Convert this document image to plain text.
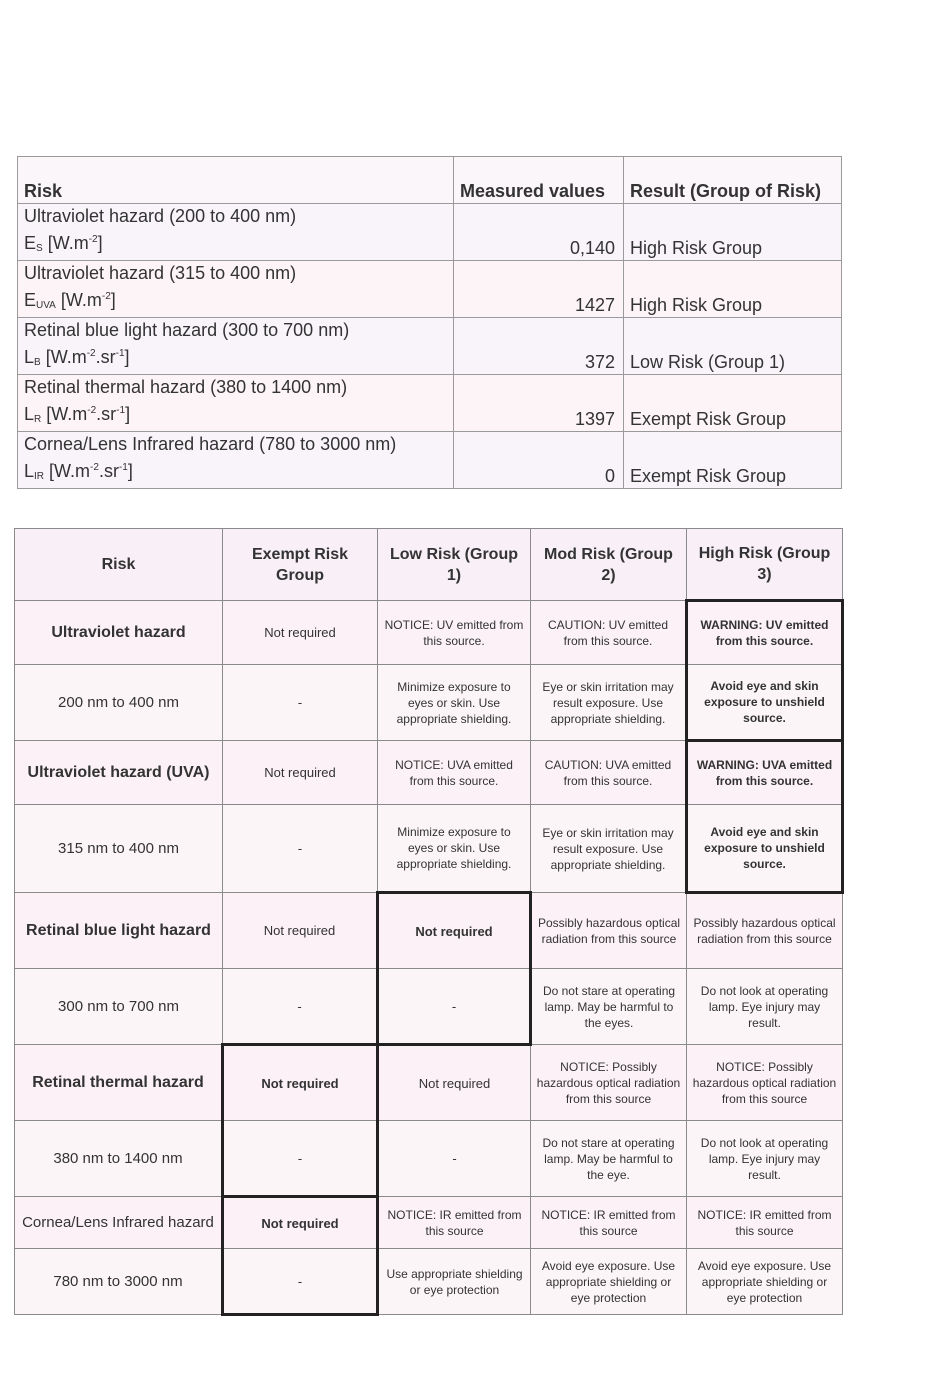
Risk	Measured values	Result (Group of Risk)

Ultraviolet hazard (200 to 400 nm)
$E_S$ $[W.m^{-2}]$	0,140	High Risk Group

Ultraviolet hazard (315 to 400 nm)
$E_{UVA}$ $[W.m^{-2}]$	1427	High Risk Group

Retinal blue light hazard (300 to 700 nm)
$L_B$ $[W.m^{-2}.sr^{-1}]$	372	Low Risk (Group 1)

Retinal thermal hazard (380 to 1400 nm)
$L_R$ $[W.m^{-2}.sr^{-1}]$	1397	Exempt Risk Group

Cornea/Lens Infrared hazard (780 to 3000 nm)
$L_{IR}$ $[W.m^{-2}.sr^{-1}]$	0	Exempt Risk Group
Risk	Exempt Risk Group	Low Risk (Group 1)	Mod Risk (Group 2)	High Risk (Group 3)
Ultraviolet hazard	Not required	NOTICE: UV emitted from this source.	CAUTION: UV emitted from this source.	WARNING: UV emitted from this source.
200 nm to 400 nm	-	Minimize exposure to eyes or skin. Use appropriate shielding.	Eye or skin irritation may result exposure. Use appropriate shielding.	Avoid eye and skin exposure to unshield source.
Ultraviolet hazard (UVA)	Not required	NOTICE: UVA emitted from this source.	CAUTION: UVA emitted from this source.	WARNING: UVA emitted from this source.
315 nm to 400 nm	-	Minimize exposure to eyes or skin. Use appropriate shielding.	Eye or skin irritation may result exposure. Use appropriate shielding.	Avoid eye and skin exposure to unshield source.
Retinal blue light hazard	Not required	Not required	Possibly hazardous optical radiation from this source	Possibly hazardous optical radiation from this source
300 nm to 700 nm	-	-	Do not stare at operating lamp. May be harmful to the eyes.	Do not look at operating lamp. Eye injury may result.
Retinal thermal hazard	Not required	Not required	NOTICE: Possibly hazardous optical radiation from this source	NOTICE: Possibly hazardous optical radiation from this source
380 nm to 1400 nm	-	-	Do not stare at operating lamp. May be harmful to the eye.	Do not look at operating lamp. Eye injury may result.
Cornea/Lens Infrared hazard	Not required	NOTICE: IR emitted from this source	NOTICE: IR emitted from this source	NOTICE: IR emitted from this source
780 nm to 3000 nm	-	Use appropriate shielding or eye protection	Avoid eye exposure. Use appropriate shielding or eye protection	Avoid eye exposure. Use appropriate shielding or eye protection
